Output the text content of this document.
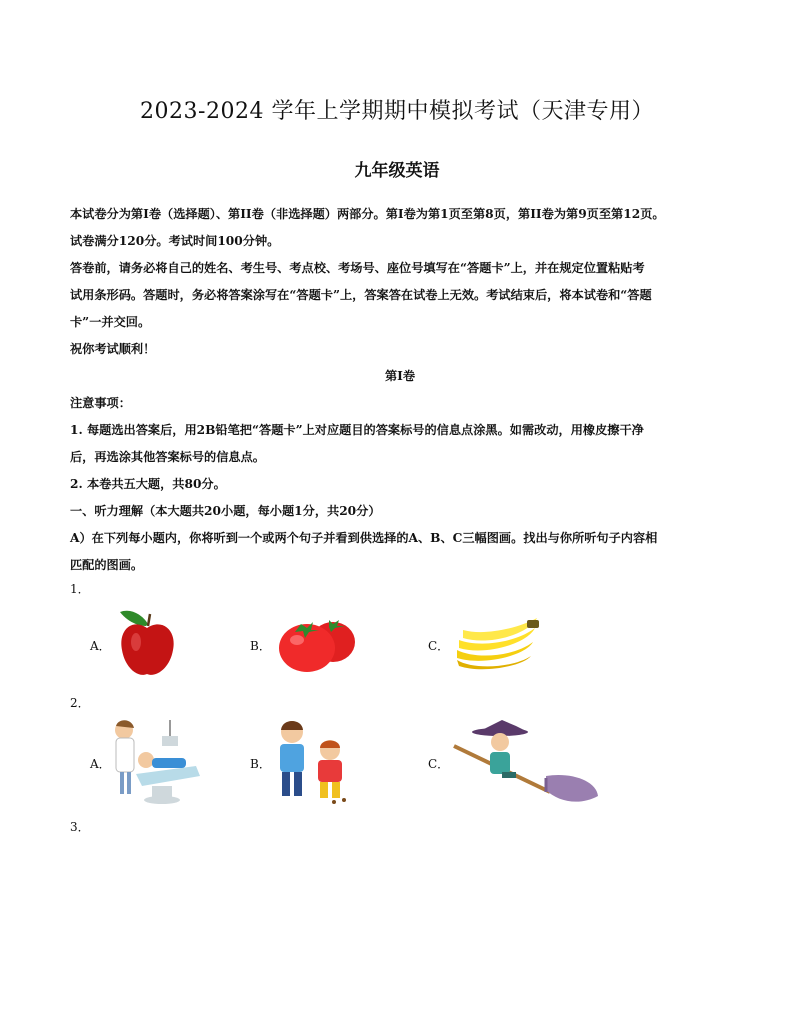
2023-2024 学年上学期期中模拟考试（天津专用）
九年级英语

本试卷分为第Ⅰ卷（选择题）、第II卷（非选择题）两部分。第Ⅰ卷为第1页至第8页，第II卷为第9页至第12页。

试卷满分120分。考试时间100分钟。

答卷前，请务必将自己的姓名、考生号、考点校、考场号、座位号填写在“答题卡”上，并在规定位置粘贴考

试用条形码。答题时，务必将答案涂写在“答题卡”上，答案答在试卷上无效。考试结束后，将本试卷和“答题

卡”一并交回。

祝你考试顺利！

第Ⅰ卷

注意事项：

1. 每题选出答案后，用2B铅笔把“答题卡”上对应题目的答案标号的信息点涂黑。如需改动，用橡皮擦干净

后，再选涂其他答案标号的信息点。

2. 本卷共五大题，共80分。

一、听力理解（本大题共20小题，每小题1分，共20分）

A）在下列每小题内，你将听到一个或两个句子并看到供选择的A、B、C三幅图画。找出与你所听句子内容相

匹配的图画。

1．
A．	B．	C．
2．
A．	B．	C．
3．
